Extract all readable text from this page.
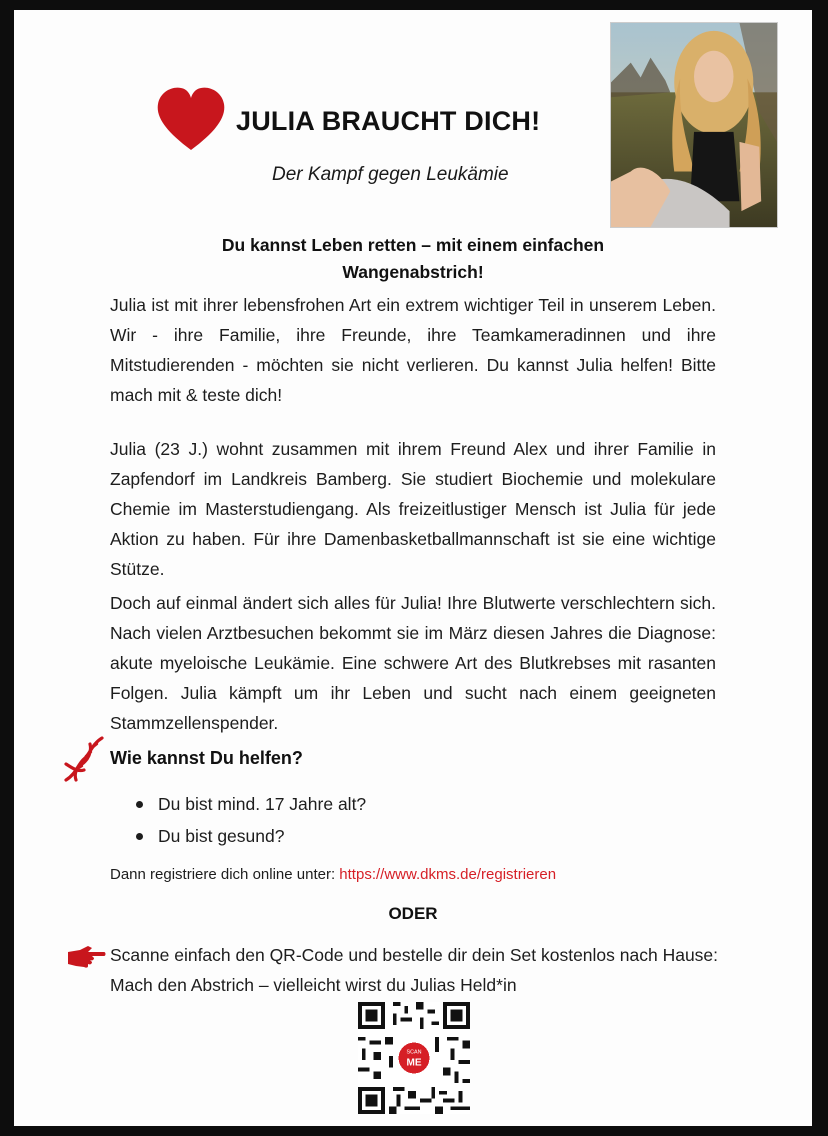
JULIA BRAUCHT DICH!
Der Kampf gegen Leukämie
Du kannst Leben retten – mit einem einfachen
Wangenabstrich!
Julia ist mit ihrer lebensfrohen Art ein extrem wichtiger Teil in unserem Leben. Wir - ihre Familie, ihre Freunde, ihre Teamkameradinnen und ihre Mitstudierenden - möchten sie nicht verlieren. Du kannst Julia helfen! Bitte mach mit & teste dich!
Julia (23 J.) wohnt zusammen mit ihrem Freund Alex und ihrer Familie in Zapfendorf im Landkreis Bamberg. Sie studiert Biochemie und molekulare Chemie im Masterstudiengang. Als freizeitlustiger Mensch ist Julia für jede Aktion zu haben. Für ihre Damenbasketballmannschaft ist sie eine wichtige Stütze.
Doch auf einmal ändert sich alles für Julia! Ihre Blutwerte verschlechtern sich. Nach vielen Arztbesuchen bekommt sie im März diesen Jahres die Diagnose: akute myeloische Leukämie. Eine schwere Art des Blutkrebses mit rasanten Folgen. Julia kämpft um ihr Leben und sucht nach einem geeigneten Stammzellenspender.
Wie kannst Du helfen?
Du bist mind. 17 Jahre alt?
Du bist gesund?
Dann registriere dich online unter: https://www.dkms.de/registrieren
ODER
Scanne einfach den QR-Code und bestelle dir dein Set kostenlos nach Hause: Mach den Abstrich – vielleicht wirst du Julias Held*in
SCAN
ME
